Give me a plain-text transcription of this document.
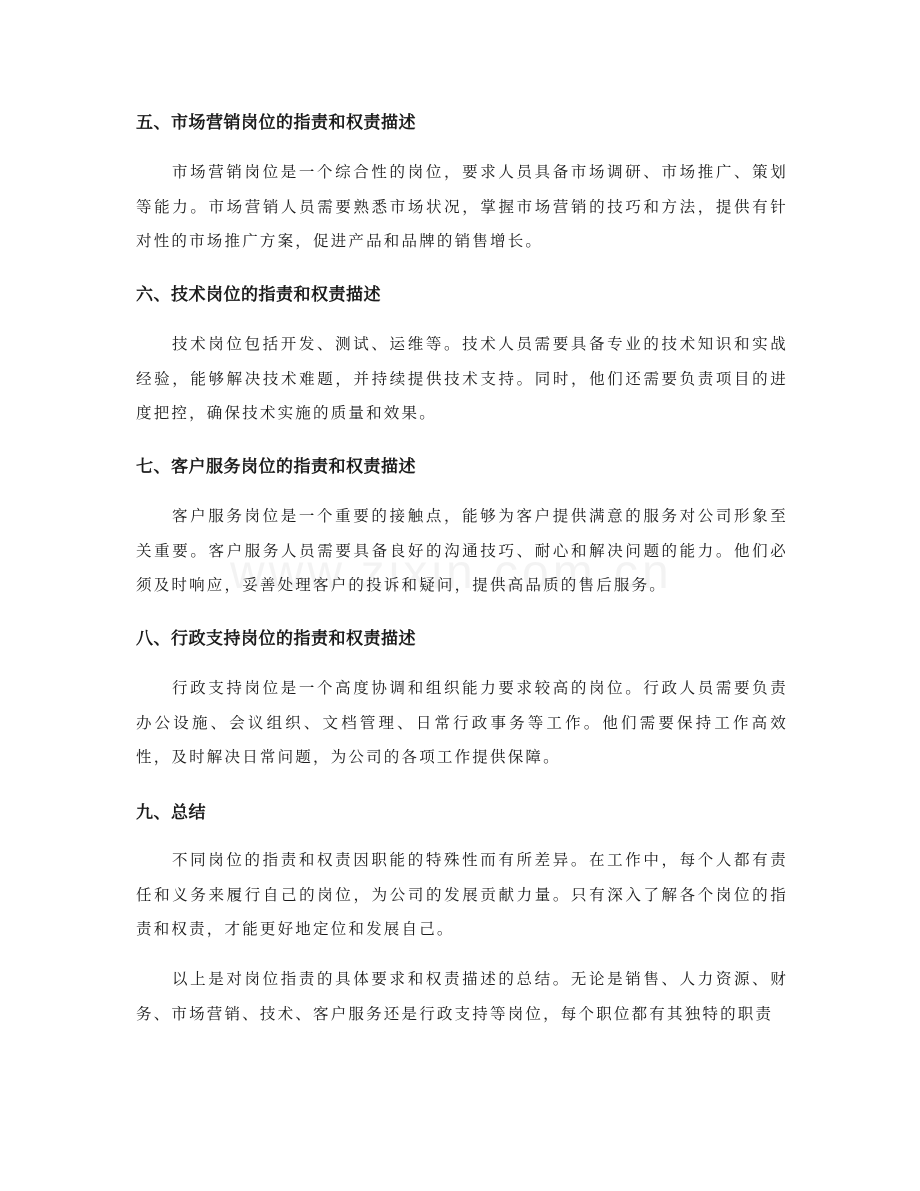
五、市场营销岗位的指责和权责描述
市场营销岗位是一个综合性的岗位，要求人员具备市场调研、市场推广、策划等能力。市场营销人员需要熟悉市场状况，掌握市场营销的技巧和方法，提供有针对性的市场推广方案，促进产品和品牌的销售增长。
六、技术岗位的指责和权责描述
技术岗位包括开发、测试、运维等。技术人员需要具备专业的技术知识和实战经验，能够解决技术难题，并持续提供技术支持。同时，他们还需要负责项目的进度把控，确保技术实施的质量和效果。
七、客户服务岗位的指责和权责描述
客户服务岗位是一个重要的接触点，能够为客户提供满意的服务对公司形象至关重要。客户服务人员需要具备良好的沟通技巧、耐心和解决问题的能力。他们必须及时响应，妥善处理客户的投诉和疑问，提供高品质的售后服务。
八、行政支持岗位的指责和权责描述
行政支持岗位是一个高度协调和组织能力要求较高的岗位。行政人员需要负责办公设施、会议组织、文档管理、日常行政事务等工作。他们需要保持工作高效性，及时解决日常问题，为公司的各项工作提供保障。
九、总结
不同岗位的指责和权责因职能的特殊性而有所差异。在工作中，每个人都有责任和义务来履行自己的岗位，为公司的发展贡献力量。只有深入了解各个岗位的指责和权责，才能更好地定位和发展自己。
以上是对岗位指责的具体要求和权责描述的总结。无论是销售、人力资源、财务、市场营销、技术、客户服务还是行政支持等岗位，每个职位都有其独特的职责
